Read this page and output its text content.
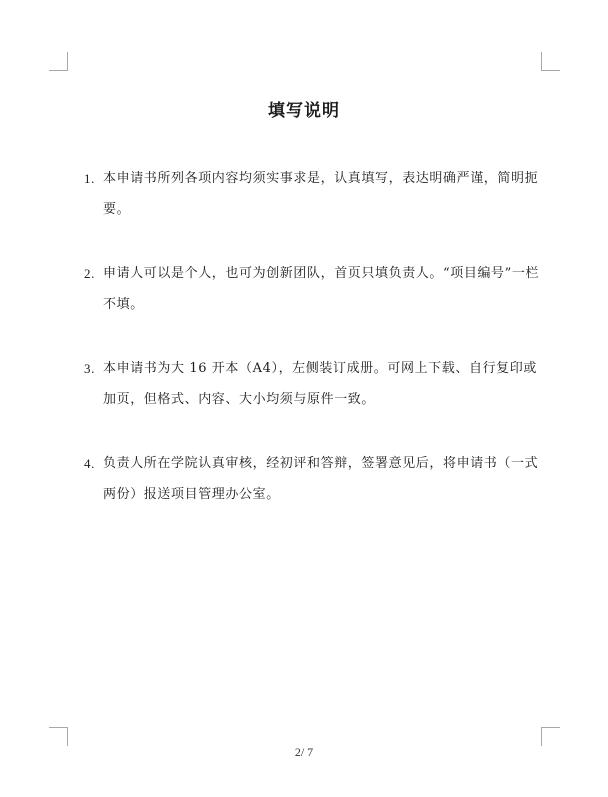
填写说明
1. 本申请书所列各项内容均须实事求是，认真填写，表达明确严谨，简明扼要。
2. 申请人可以是个人，也可为创新团队，首页只填负责人。“项目编号”一栏不填。
3. 本申请书为大 16 开本（A4），左侧装订成册。可网上下载、自行复印或加页，但格式、内容、大小均须与原件一致。
4. 负责人所在学院认真审核，经初评和答辩，签署意见后，将申请书（一式两份）报送项目管理办公室。
2/ 7
